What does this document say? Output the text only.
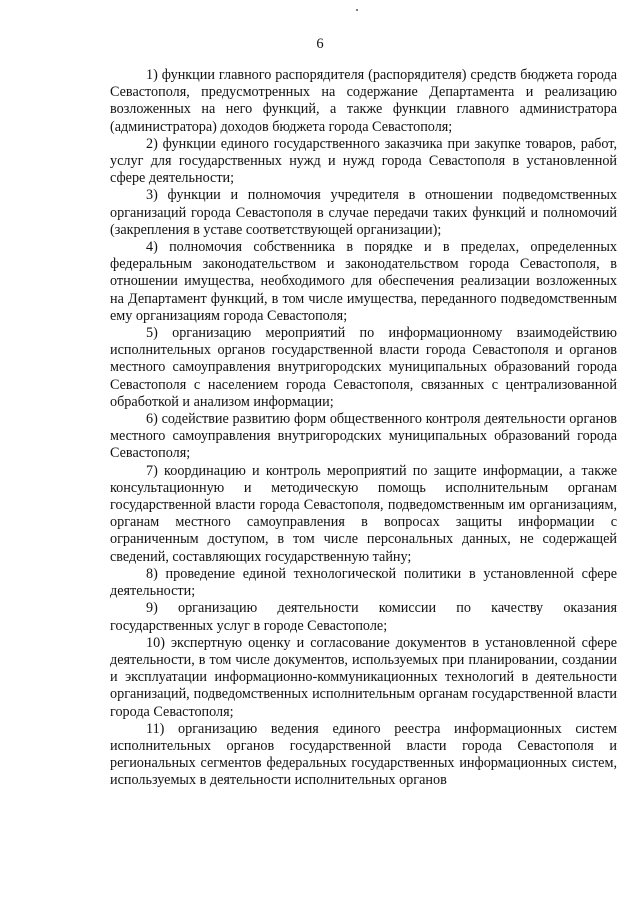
6

1) функции главного распорядителя (распорядителя) средств бюджета города Севастополя, предусмотренных на содержание Департамента и реализацию возложенных на него функций, а также функции главного администратора (администратора) доходов бюджета города Севастополя;

2) функции единого государственного заказчика при закупке товаров, работ, услуг для государственных нужд и нужд города Севастополя в установленной сфере деятельности;

3) функции и полномочия учредителя в отношении подведомственных организаций города Севастополя в случае передачи таких функций и полномочий (закрепления в уставе соответствующей организации);

4) полномочия собственника в порядке и в пределах, определенных федеральным законодательством и законодательством города Севастополя, в отношении имущества, необходимого для обеспечения реализации возложенных на Департамент функций, в том числе имущества, переданного подведомственным ему организациям города Севастополя;

5) организацию мероприятий по информационному взаимодействию исполнительных органов государственной власти города Севастополя и органов местного самоуправления внутригородских муниципальных образований города Севастополя с населением города Севастополя, связанных с централизованной обработкой и анализом информации;

6) содействие развитию форм общественного контроля деятельности органов местного самоуправления внутригородских муниципальных образований города Севастополя;

7) координацию и контроль мероприятий по защите информации, а также консультационную и методическую помощь исполнительным органам государственной власти города Севастополя, подведомственным им организациям, органам местного самоуправления в вопросах защиты информации с ограниченным доступом, в том числе персональных данных, не содержащей сведений, составляющих государственную тайну;

8) проведение единой технологической политики в установленной сфере деятельности;

9) организацию деятельности комиссии по качеству оказания государственных услуг в городе Севастополе;

10) экспертную оценку и согласование документов в установленной сфере деятельности, в том числе документов, используемых при планировании, создании и эксплуатации информационно-коммуникационных технологий в деятельности организаций, подведомственных исполнительным органам государственной власти города Севастополя;

11) организацию ведения единого реестра информационных систем исполнительных органов государственной власти города Севастополя и региональных сегментов федеральных государственных информационных систем, используемых в деятельности исполнительных органов
